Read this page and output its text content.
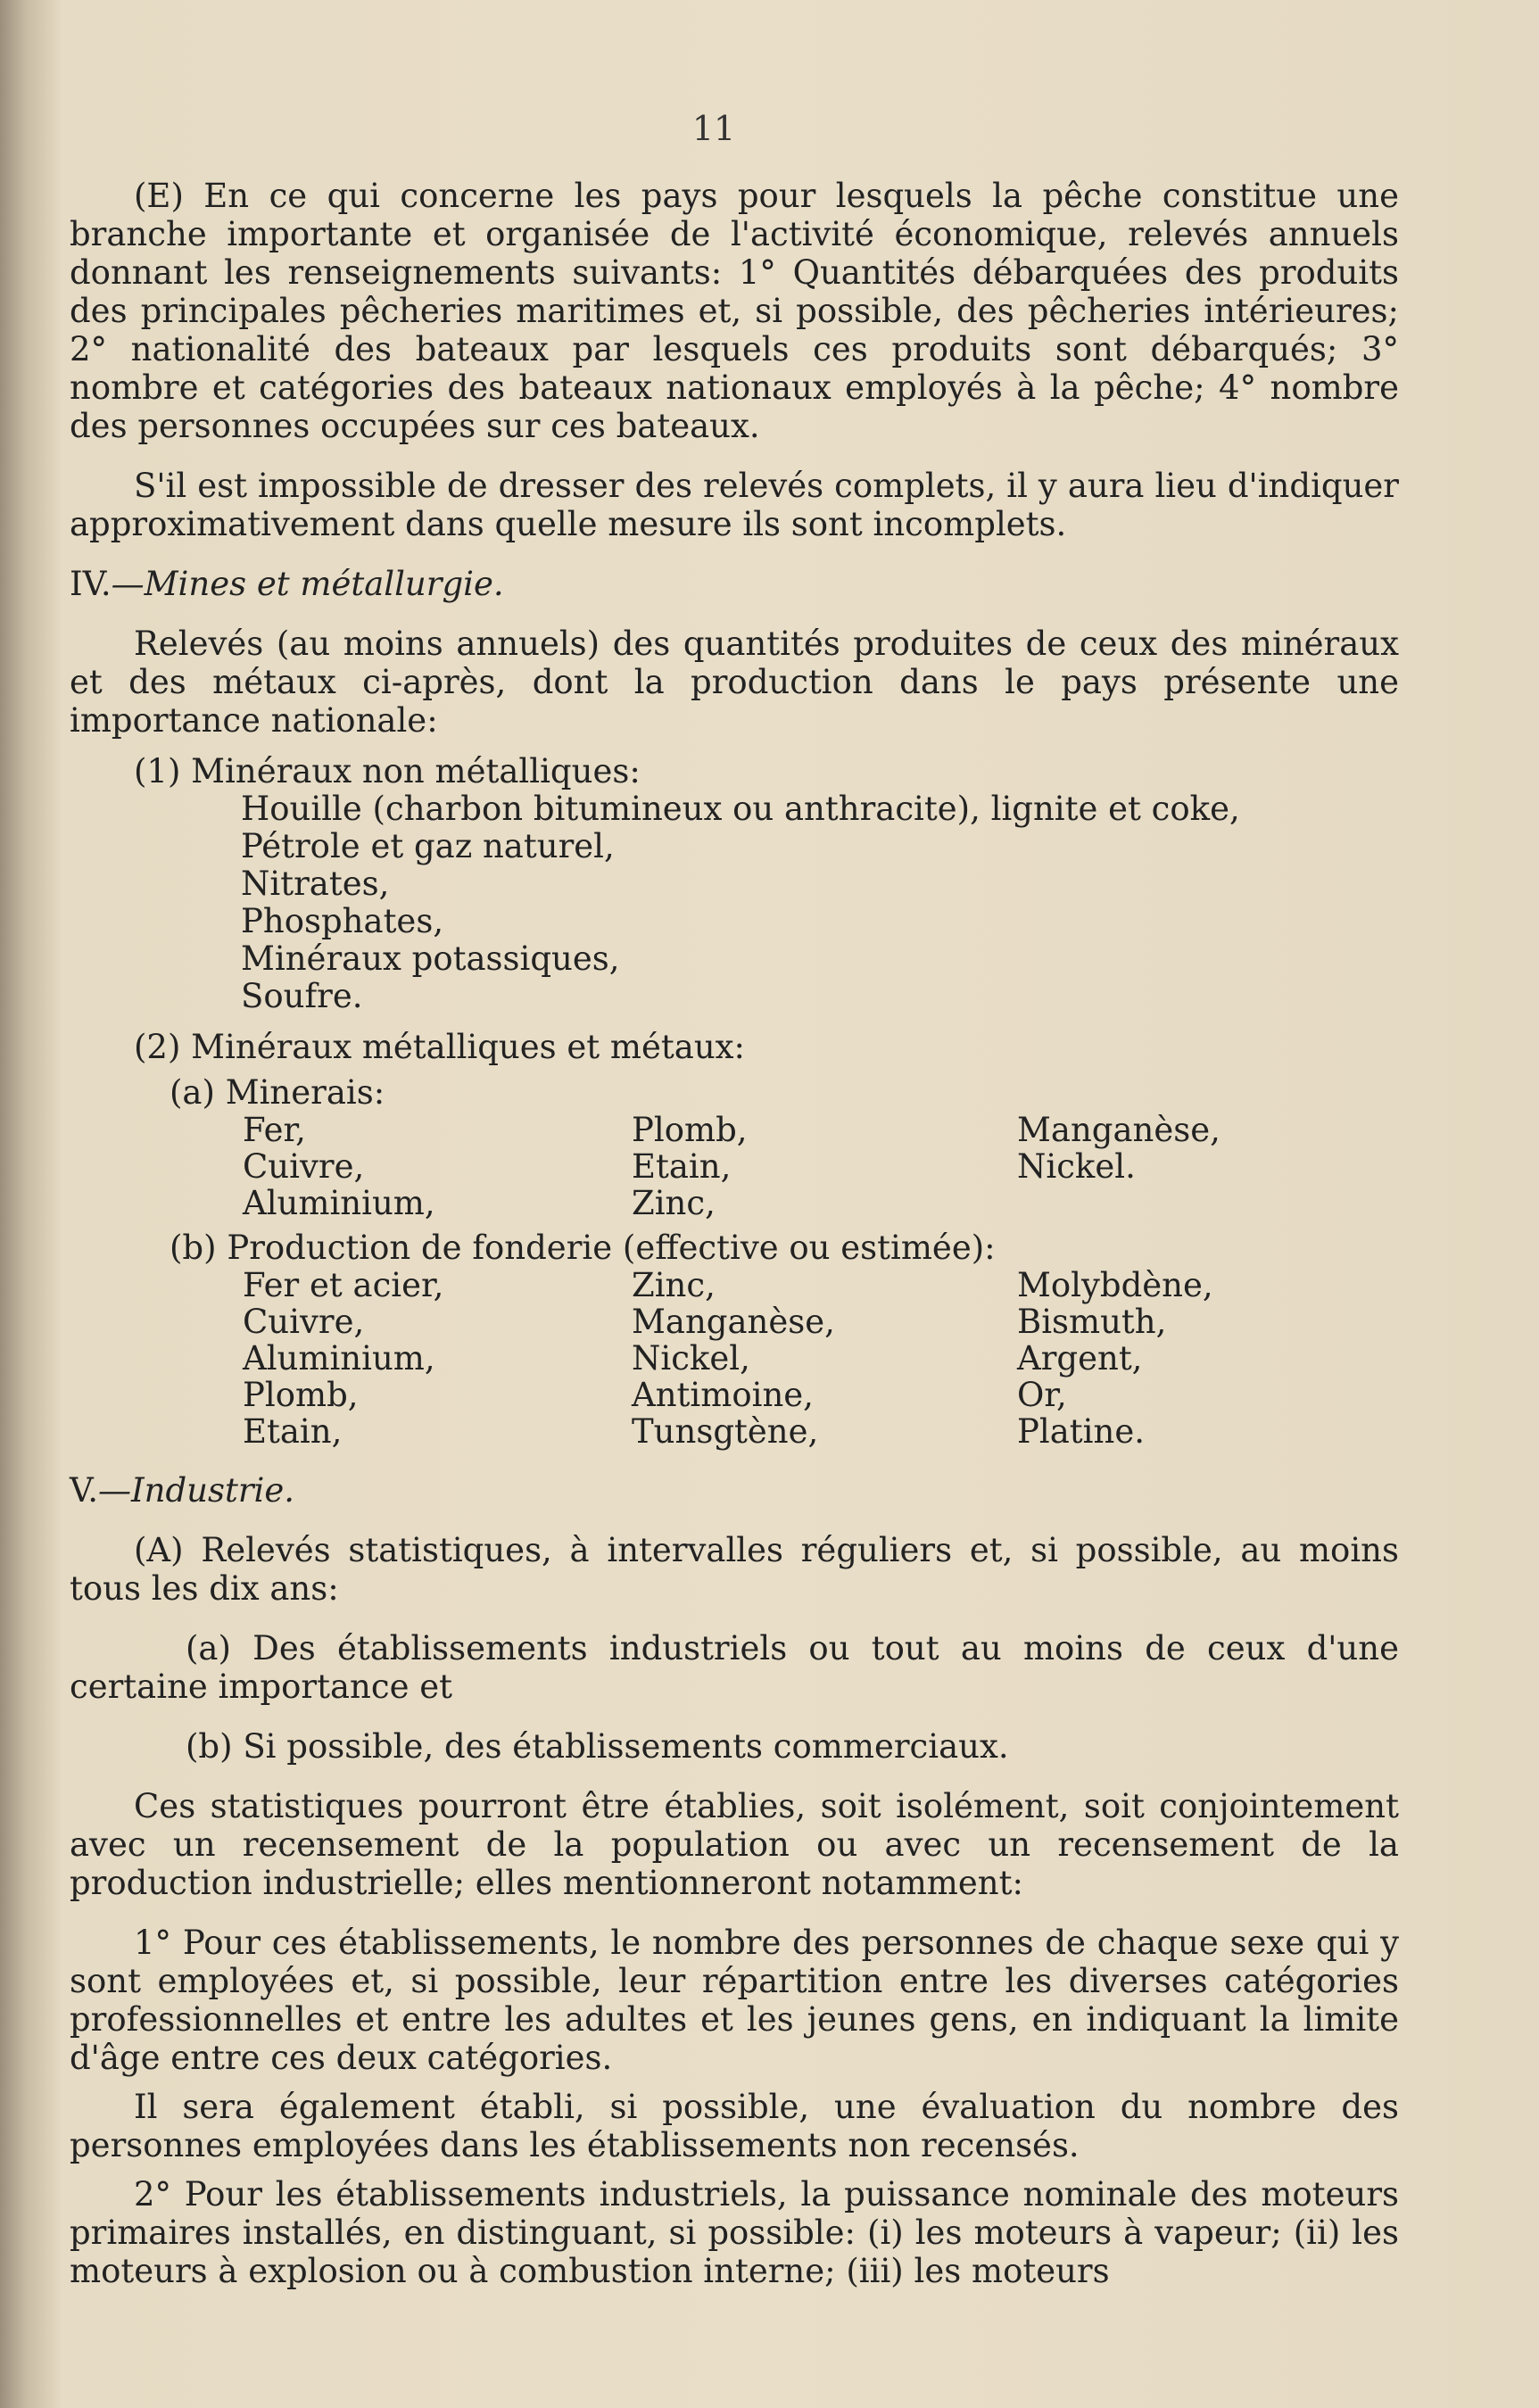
11

(E) En ce qui concerne les pays pour lesquels la pêche constitue une branche importante et organisée de l'activité économique, relevés annuels donnant les renseignements suivants: 1° Quantités débarquées des produits des principales pêcheries maritimes et, si possible, des pêcheries intérieures; 2° nationalité des bateaux par lesquels ces produits sont débarqués; 3° nombre et catégories des bateaux nationaux employés à la pêche; 4° nombre des personnes occupées sur ces bateaux.

S'il est impossible de dresser des relevés complets, il y aura lieu d'indiquer approximativement dans quelle mesure ils sont incomplets.

IV.—Mines et métallurgie.

Relevés (au moins annuels) des quantités produites de ceux des minéraux et des métaux ci-après, dont la production dans le pays présente une importance nationale:

(1) Minéraux non métalliques:
Houille (charbon bitumineux ou anthracite), lignite et coke,
Pétrole et gaz naturel,
Nitrates,
Phosphates,
Minéraux potassiques,
Soufre.
(2) Minéraux métalliques et métaux:
(a) Minerais:
Fer,	Plomb,	Manganèse,
Cuivre,	Etain,	Nickel.
Aluminium,	Zinc,
(b) Production de fonderie (effective ou estimée):
Fer et acier,	Zinc,	Molybdène,
Cuivre,	Manganèse,	Bismuth,
Aluminium,	Nickel,	Argent,
Plomb,	Antimoine,	Or,
Etain,	Tunsgtène,	Platine.
V.—Industrie.

(A) Relevés statistiques, à intervalles réguliers et, si possible, au moins tous les dix ans:

(a) Des établissements industriels ou tout au moins de ceux d'une certaine importance et

(b) Si possible, des établissements commerciaux.

Ces statistiques pourront être établies, soit isolément, soit conjointement avec un recensement de la population ou avec un recensement de la production industrielle; elles mentionneront notamment:

1° Pour ces établissements, le nombre des personnes de chaque sexe qui y sont employées et, si possible, leur répartition entre les diverses catégories professionnelles et entre les adultes et les jeunes gens, en indiquant la limite d'âge entre ces deux catégories.

Il sera également établi, si possible, une évaluation du nombre des personnes employées dans les établissements non recensés.

2° Pour les établissements industriels, la puissance nominale des moteurs primaires installés, en distinguant, si possible: (i) les moteurs à vapeur; (ii) les moteurs à explosion ou à combustion interne; (iii) les moteurs
